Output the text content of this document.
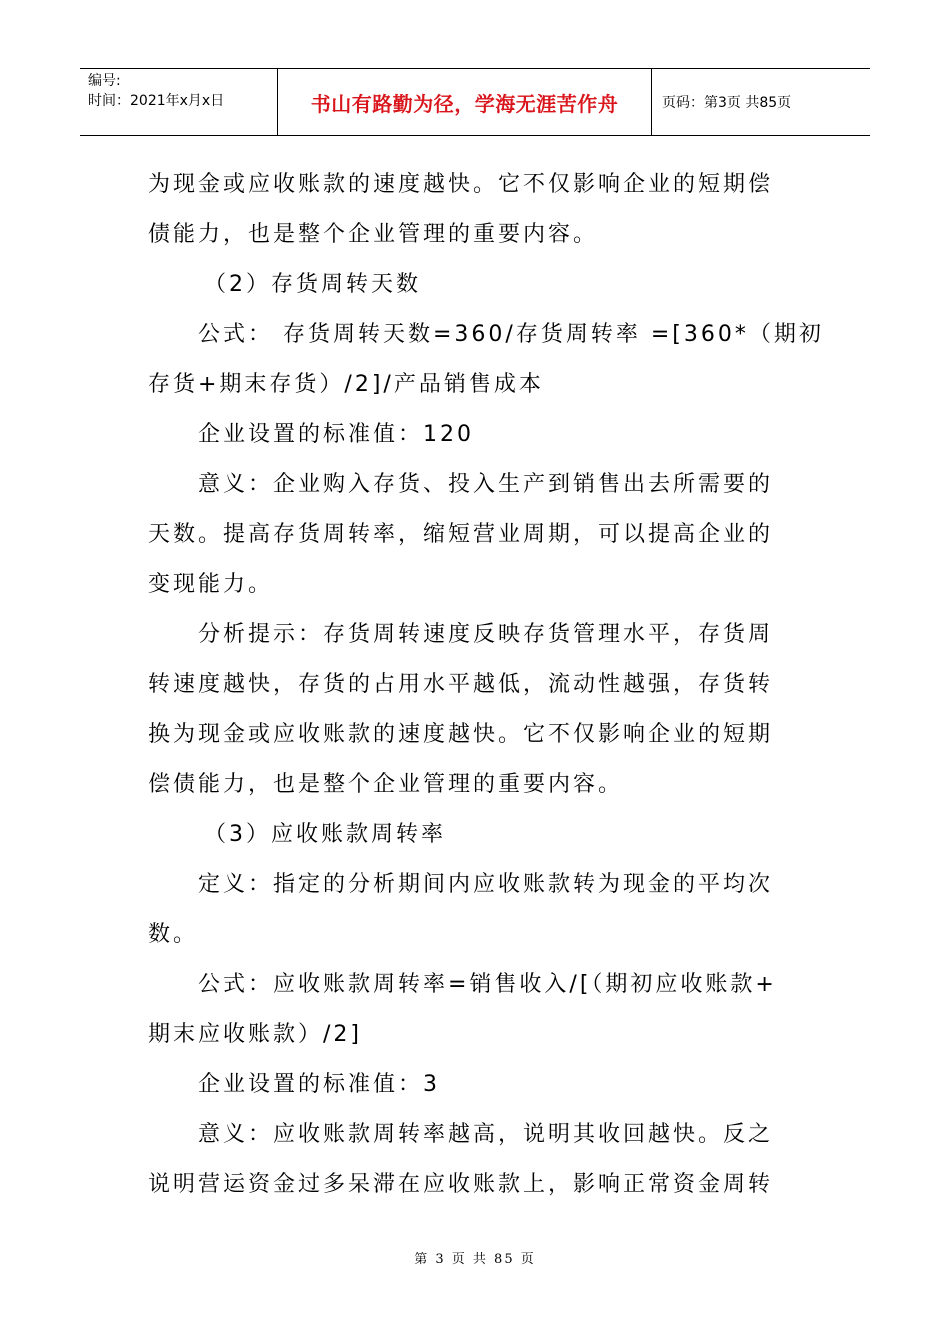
编号:
时间：2021年x月x日	书山有路勤为径，学海无涯苦作舟	页码：第3页 共85页

为现金或应收账款的速度越快。它不仅影响企业的短期偿

债能力，也是整个企业管理的重要内容。

（2）存货周转天数

公式： 存货周转天数=360/存货周转率 =[360*（期初

存货+期末存货）/2]/产品销售成本

企业设置的标准值：120

意义：企业购入存货、投入生产到销售出去所需要的

天数。提高存货周转率，缩短营业周期，可以提高企业的

变现能力。

分析提示：存货周转速度反映存货管理水平，存货周

转速度越快，存货的占用水平越低，流动性越强，存货转

换为现金或应收账款的速度越快。它不仅影响企业的短期

偿债能力，也是整个企业管理的重要内容。

（3）应收账款周转率

定义：指定的分析期间内应收账款转为现金的平均次

数。

公式：应收账款周转率=销售收入/[（期初应收账款+

期末应收账款）/2]

企业设置的标准值：3

意义：应收账款周转率越高，说明其收回越快。反之

说明营运资金过多呆滞在应收账款上，影响正常资金周转

第 3 页 共 85 页
